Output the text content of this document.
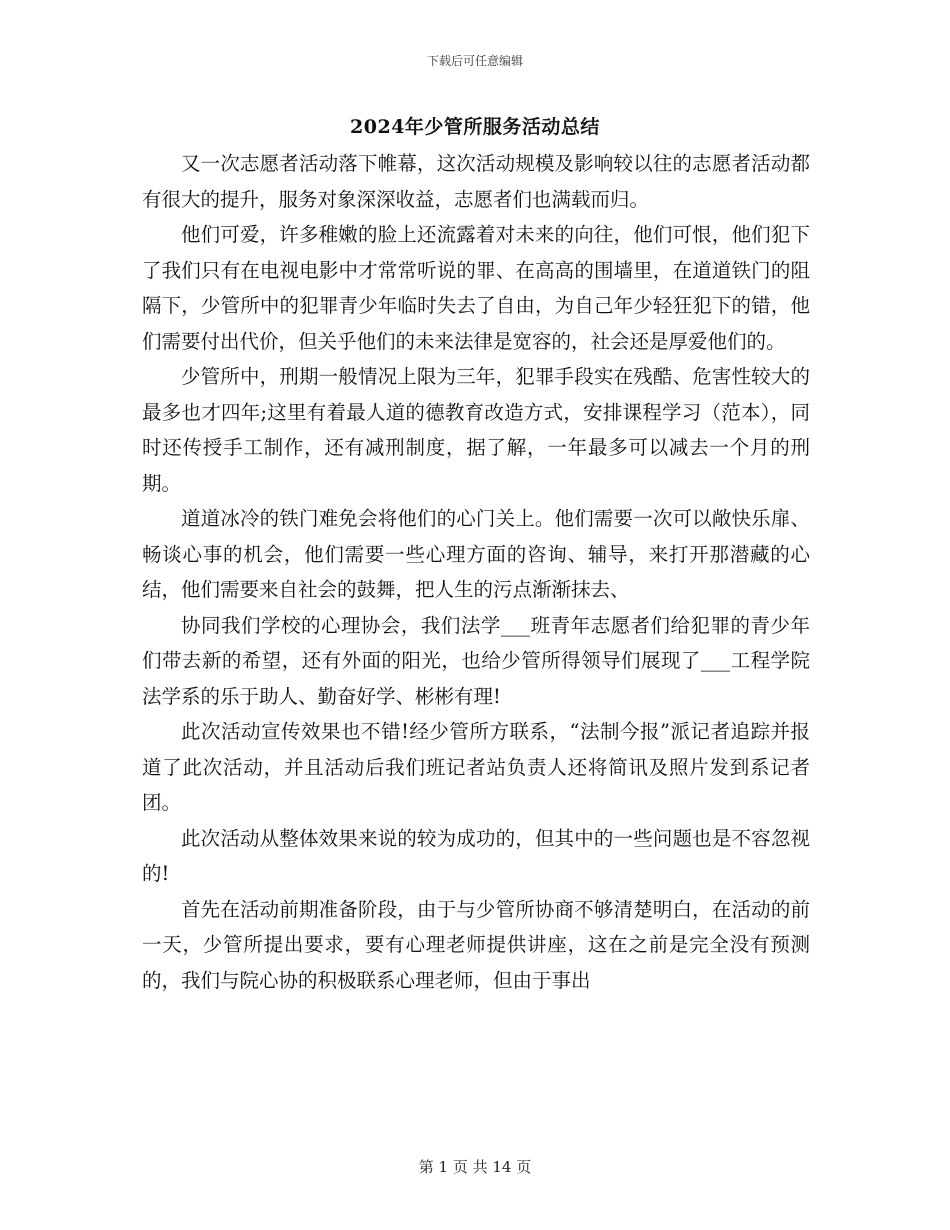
下载后可任意编辑
2024年少管所服务活动总结

又一次志愿者活动落下帷幕，这次活动规模及影响较以往的志愿者活动都有很大的提升，服务对象深深收益，志愿者们也满载而归。

他们可爱，许多稚嫩的脸上还流露着对未来的向往，他们可恨，他们犯下了我们只有在电视电影中才常常听说的罪、在高高的围墙里，在道道铁门的阻隔下，少管所中的犯罪青少年临时失去了自由，为自己年少轻狂犯下的错，他们需要付出代价，但关乎他们的未来法律是宽容的，社会还是厚爱他们的。

少管所中，刑期一般情况上限为三年，犯罪手段实在残酷、危害性较大的最多也才四年;这里有着最人道的德教育改造方式，安排课程学习（范本），同时还传授手工制作，还有减刑制度，据了解，一年最多可以减去一个月的刑期。

道道冰冷的铁门难免会将他们的心门关上。他们需要一次可以敞快乐扉、畅谈心事的机会，他们需要一些心理方面的咨询、辅导，来打开那潜藏的心结，他们需要来自社会的鼓舞，把人生的污点渐渐抹去、

协同我们学校的心理协会，我们法学___班青年志愿者们给犯罪的青少年们带去新的希望，还有外面的阳光，也给少管所得领导们展现了___工程学院法学系的乐于助人、勤奋好学、彬彬有理!

此次活动宣传效果也不错!经少管所方联系，“法制今报”派记者追踪并报道了此次活动，并且活动后我们班记者站负责人还将简讯及照片发到系记者团。

此次活动从整体效果来说的较为成功的，但其中的一些问题也是不容忽视的!

首先在活动前期准备阶段，由于与少管所协商不够清楚明白，在活动的前一天，少管所提出要求，要有心理老师提供讲座，这在之前是完全没有预测的，我们与院心协的积极联系心理老师，但由于事出

第 1 页 共 14 页
